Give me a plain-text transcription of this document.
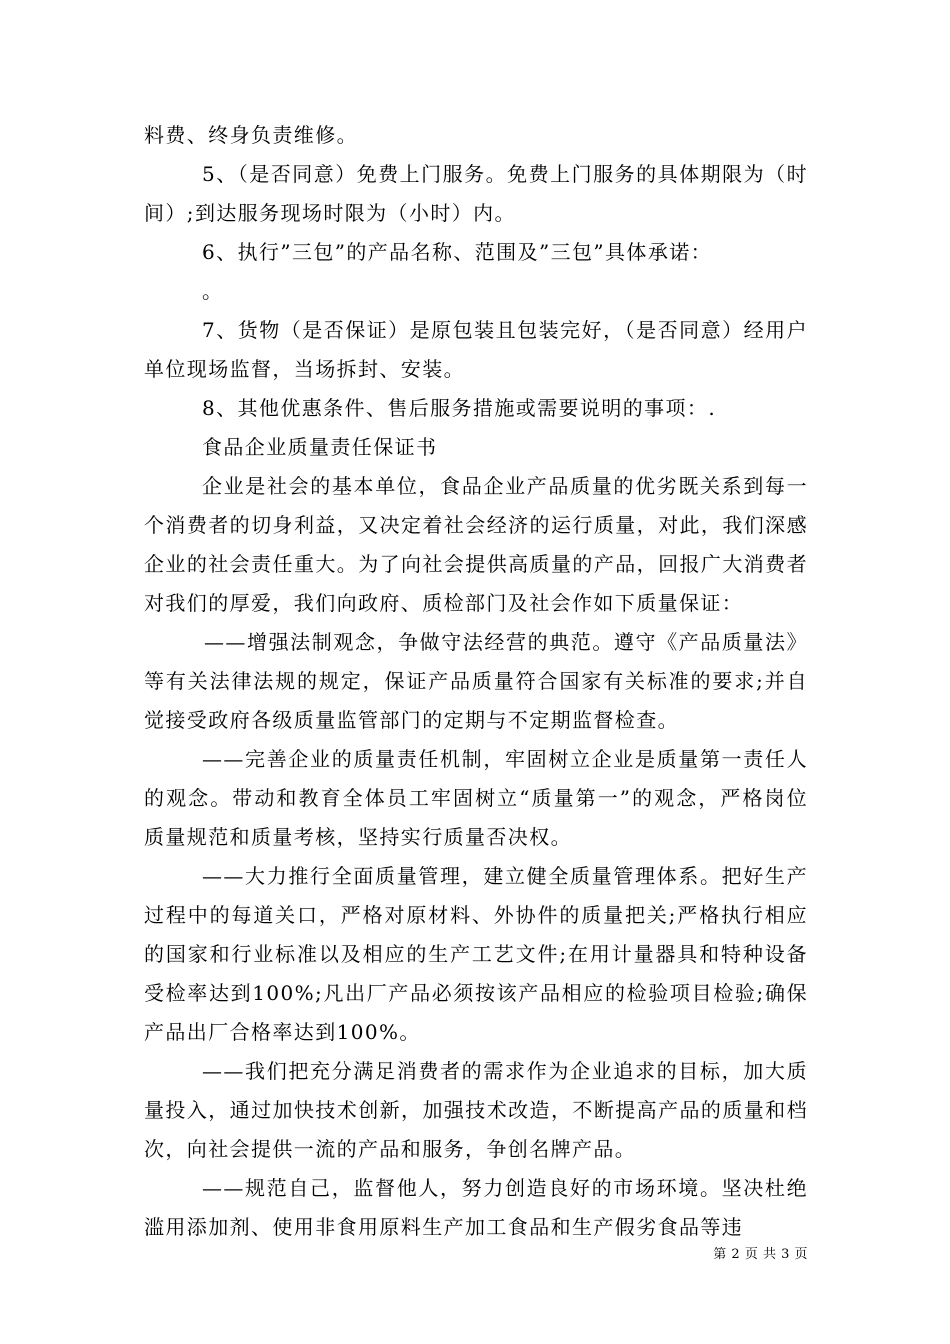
料费、终身负责维修。

5、（是否同意）免费上门服务。免费上门服务的具体期限为（时间）;到达服务现场时限为（小时）内。

6、执行”三包”的产品名称、范围及”三包”具体承诺：

。

7、货物（是否保证）是原包装且包装完好，（是否同意）经用户单位现场监督，当场拆封、安装。

8、其他优惠条件、售后服务措施或需要说明的事项：.

食品企业质量责任保证书

企业是社会的基本单位，食品企业产品质量的优劣既关系到每一个消费者的切身利益，又决定着社会经济的运行质量，对此，我们深感企业的社会责任重大。为了向社会提供高质量的产品，回报广大消费者对我们的厚爱，我们向政府、质检部门及社会作如下质量保证：

——增强法制观念，争做守法经营的典范。遵守《产品质量法》等有关法律法规的规定，保证产品质量符合国家有关标准的要求;并自觉接受政府各级质量监管部门的定期与不定期监督检查。

——完善企业的质量责任机制，牢固树立企业是质量第一责任人的观念。带动和教育全体员工牢固树立“质量第一”的观念，严格岗位质量规范和质量考核，坚持实行质量否决权。

——大力推行全面质量管理，建立健全质量管理体系。把好生产过程中的每道关口，严格对原材料、外协件的质量把关;严格执行相应的国家和行业标准以及相应的生产工艺文件;在用计量器具和特种设备受检率达到100%;凡出厂产品必须按该产品相应的检验项目检验;确保产品出厂合格率达到100%。

——我们把充分满足消费者的需求作为企业追求的目标，加大质量投入，通过加快技术创新，加强技术改造，不断提高产品的质量和档次，向社会提供一流的产品和服务，争创名牌产品。

——规范自己，监督他人，努力创造良好的市场环境。坚决杜绝滥用添加剂、使用非食用原料生产加工食品和生产假劣食品等违

第 2 页 共 3 页
